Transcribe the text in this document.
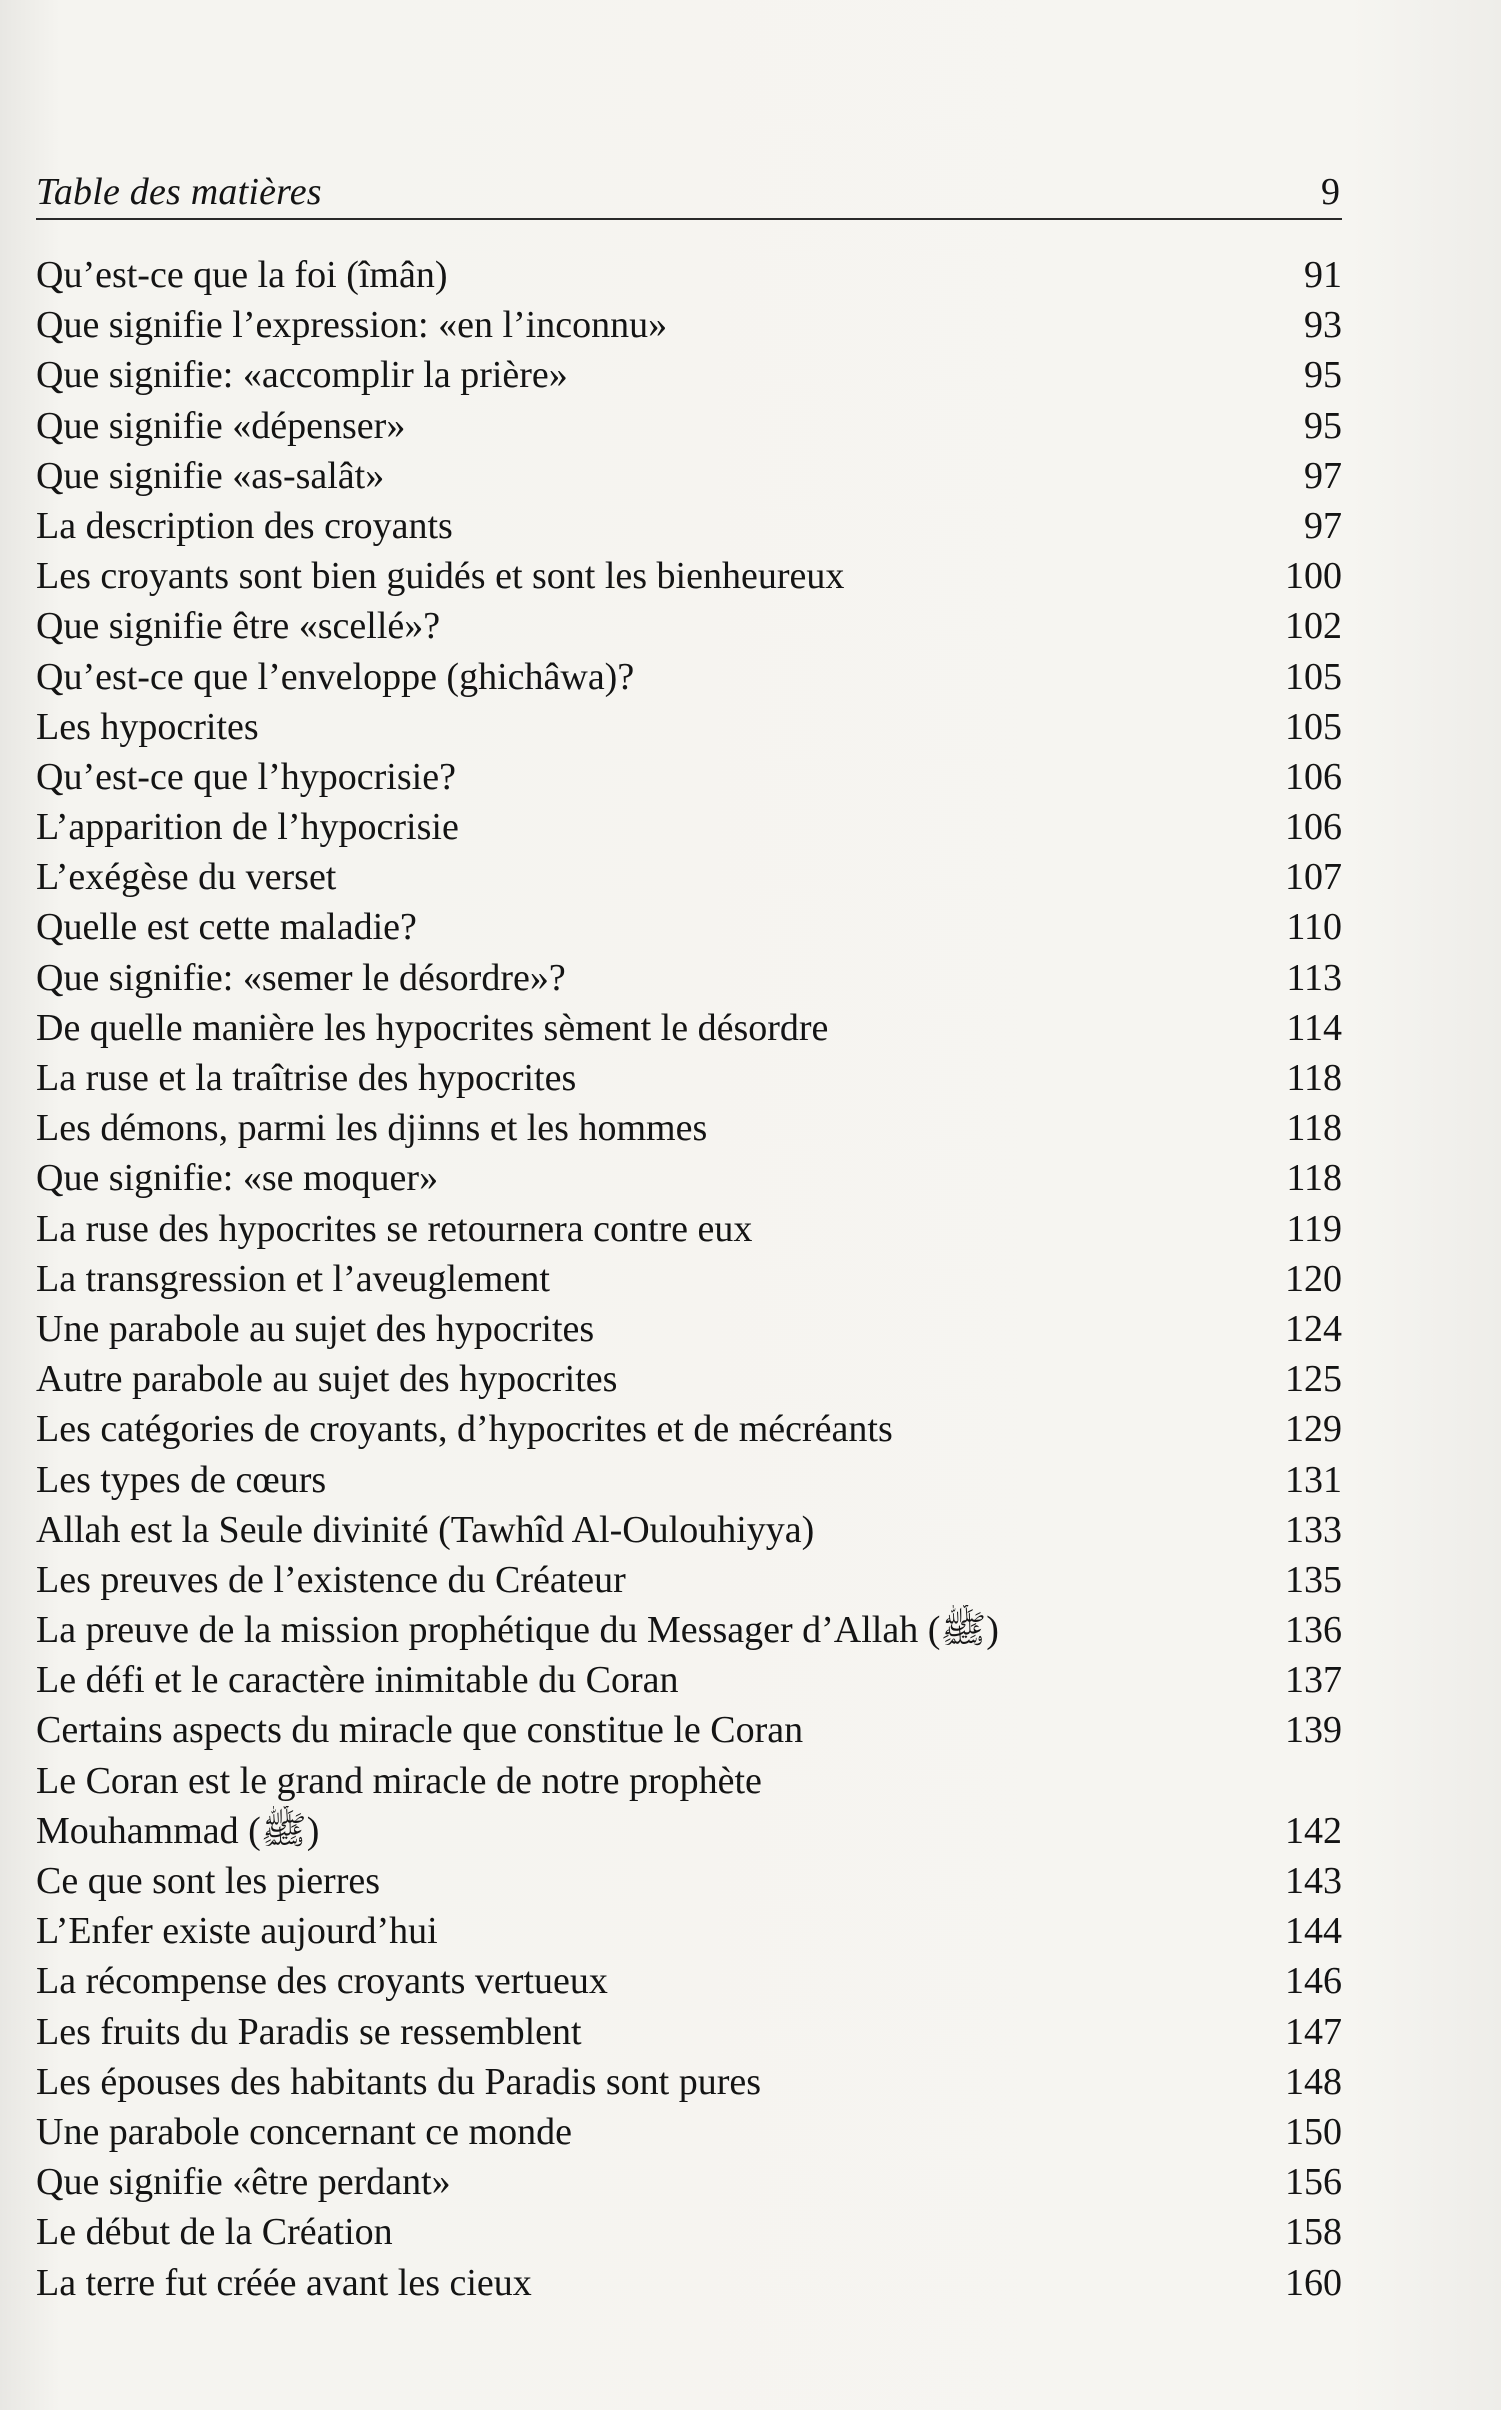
Table des matières	9
Qu’est-ce que la foi (îmân)	91
Que signifie l’expression: «en l’inconnu»	93
Que signifie: «accomplir la prière»	95
Que signifie «dépenser»	95
Que signifie «as-salât»	97
La description des croyants	97
Les croyants sont bien guidés et sont les bienheureux	100
Que signifie être «scellé»?	102
Qu’est-ce que l’enveloppe (ghichâwa)?	105
Les hypocrites	105
Qu’est-ce que l’hypocrisie?	106
L’apparition de l’hypocrisie	106
L’exégèse du verset	107
Quelle est cette maladie?	110
Que signifie: «semer le désordre»?	113
De quelle manière les hypocrites sèment le désordre	114
La ruse et la traîtrise des hypocrites	118
Les démons, parmi les djinns et les hommes	118
Que signifie: «se moquer»	118
La ruse des hypocrites se retournera contre eux	119
La transgression et l’aveuglement	120
Une parabole au sujet des hypocrites	124
Autre parabole au sujet des hypocrites	125
Les catégories de croyants, d’hypocrites et de mécréants	129
Les types de cœurs	131
Allah est la Seule divinité (Tawhîd Al-Oulouhiyya)	133
Les preuves de l’existence du Créateur	135
La preuve de la mission prophétique du Messager d’Allah (ﷺ)	136
Le défi et le caractère inimitable du Coran	137
Certains aspects du miracle que constitue le Coran	139
Le Coran est le grand miracle de notre prophète
Mouhammad (ﷺ)	142
Ce que sont les pierres	143
L’Enfer existe aujourd’hui	144
La récompense des croyants vertueux	146
Les fruits du Paradis se ressemblent	147
Les épouses des habitants du Paradis sont pures	148
Une parabole concernant ce monde	150
Que signifie «être perdant»	156
Le début de la Création	158
La terre fut créée avant les cieux	160
